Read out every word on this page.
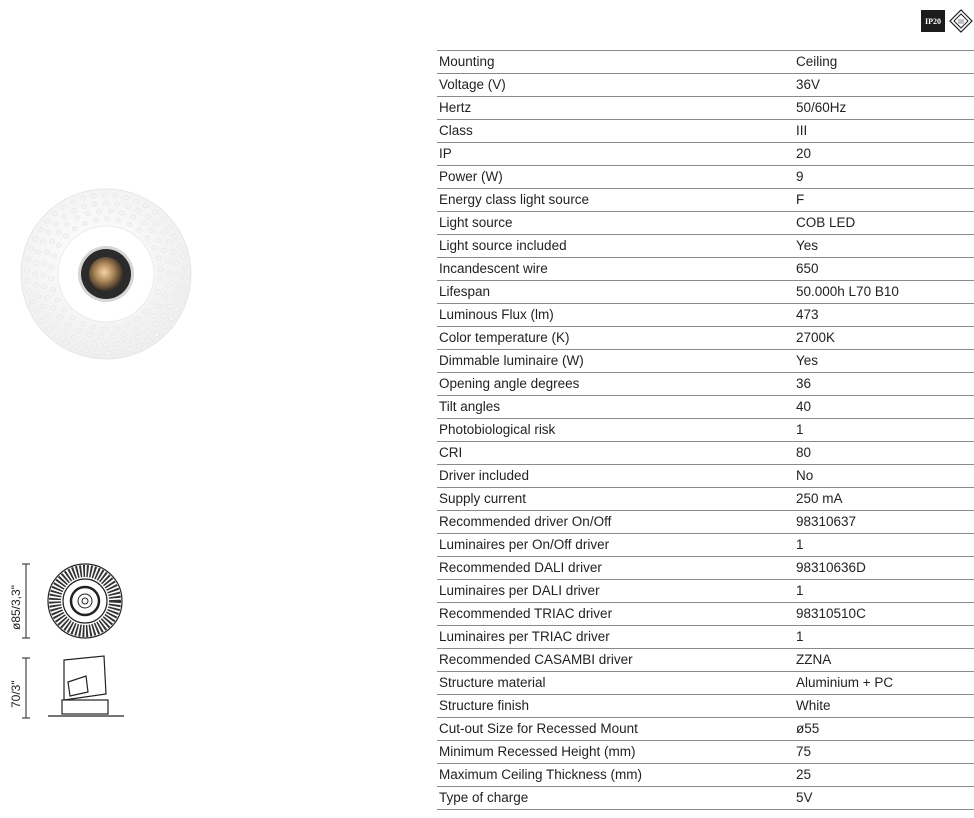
ø85/3,3"
70/3"
IP20	III
Mounting	Ceiling
Voltage (V)	36V
Hertz	50/60Hz
Class	III
IP	20
Power (W)	9
Energy class light source	F
Light source	COB LED
Light source included	Yes
Incandescent wire	650
Lifespan	50.000h L70 B10
Luminous Flux (lm)	473
Color temperature (K)	2700K
Dimmable luminaire (W)	Yes
Opening angle degrees	36
Tilt angles	40
Photobiological risk	1
CRI	80
Driver included	No
Supply current	250 mA
Recommended driver On/Off	98310637
Luminaires per On/Off driver	1
Recommended DALI driver	98310636D
Luminaires per DALI driver	1
Recommended TRIAC driver	98310510C
Luminaires per TRIAC driver	1
Recommended CASAMBI driver	ZZNA
Structure material	Aluminium + PC
Structure finish	White
Cut-out Size for Recessed Mount	ø55
Minimum Recessed Height (mm)	75
Maximum Ceiling Thickness (mm)	25
Type of charge	5V
